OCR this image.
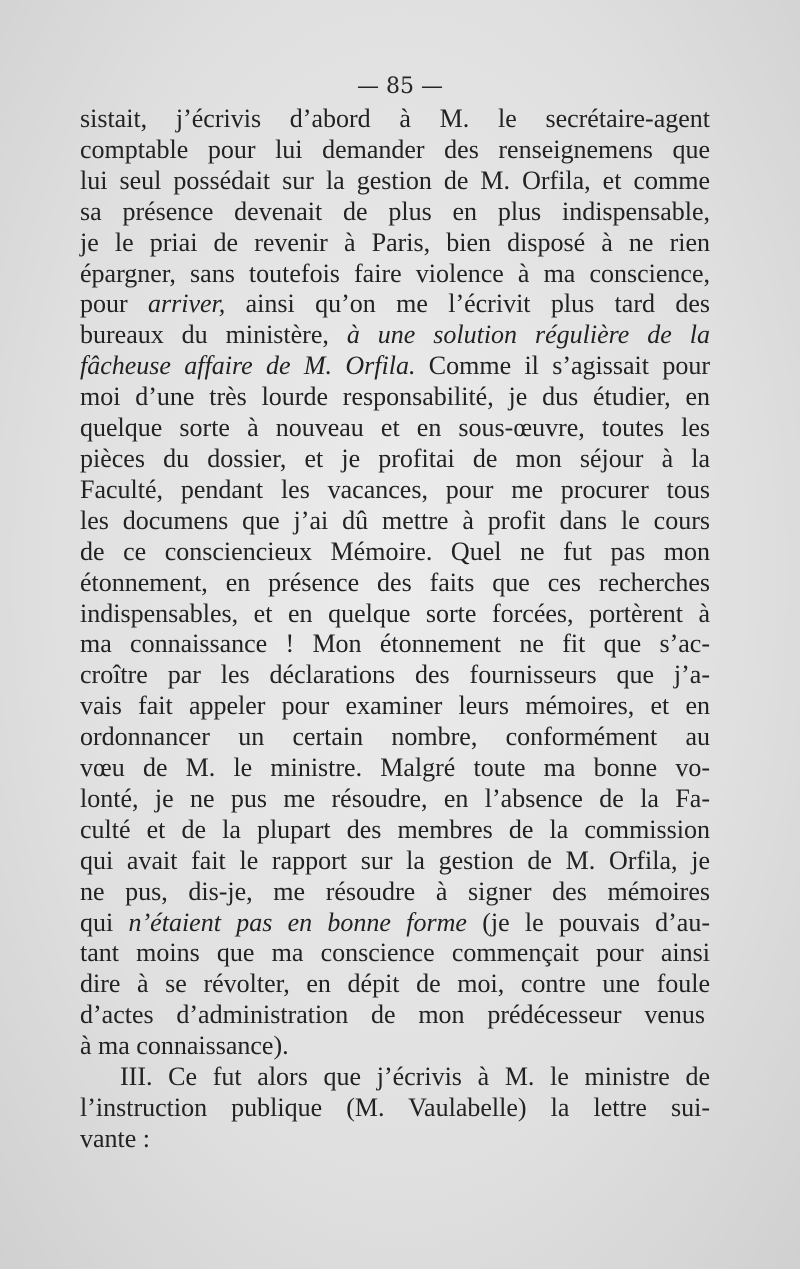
— 85 —
sistait, j’écrivis d’abord à M. le secrétaire-agent
comptable pour lui demander des renseignemens que
lui seul possédait sur la gestion de M. Orfila, et comme
sa présence devenait de plus en plus indispensable,
je le priai de revenir à Paris, bien disposé à ne rien
épargner, sans toutefois faire violence à ma conscience,
pour arriver, ainsi qu’on me l’écrivit plus tard des
bureaux du ministère, à une solution régulière de la
fâcheuse affaire de M. Orfila. Comme il s’agissait pour
moi d’une très lourde responsabilité, je dus étudier, en
quelque sorte à nouveau et en sous-œuvre, toutes les
pièces du dossier, et je profitai de mon séjour à la
Faculté, pendant les vacances, pour me procurer tous
les documens que j’ai dû mettre à profit dans le cours
de ce consciencieux Mémoire. Quel ne fut pas mon
étonnement, en présence des faits que ces recherches
indispensables, et en quelque sorte forcées, portèrent à
ma connaissance ! Mon étonnement ne fit que s’ac-
croître par les déclarations des fournisseurs que j’a-
vais fait appeler pour examiner leurs mémoires, et en
ordonnancer un certain nombre, conformément au
vœu de M. le ministre. Malgré toute ma bonne vo-
lonté, je ne pus me résoudre, en l’absence de la Fa-
culté et de la plupart des membres de la commission
qui avait fait le rapport sur la gestion de M. Orfila, je
ne pus, dis-je, me résoudre à signer des mémoires
qui n’étaient pas en bonne forme (je le pouvais d’au-
tant moins que ma conscience commençait pour ainsi
dire à se révolter, en dépit de moi, contre une foule
d’actes d’administration de mon prédécesseur venus
à ma connaissance).
III. Ce fut alors que j’écrivis à M. le ministre de
l’instruction publique (M. Vaulabelle) la lettre sui-
vante :
